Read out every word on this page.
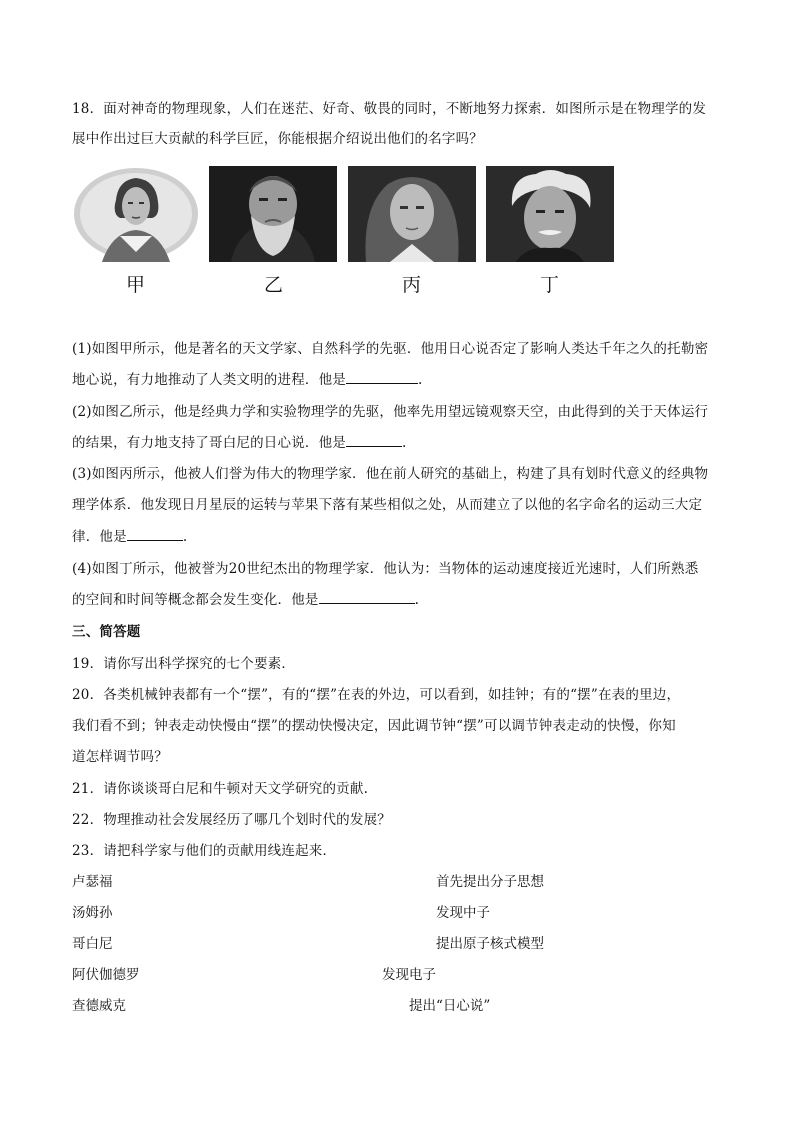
18．面对神奇的物理现象，人们在迷茫、好奇、敬畏的同时，不断地努力探索．如图所示是在物理学的发
展中作出过巨大贡献的科学巨匠，你能根据介绍说出他们的名字吗？
甲	乙	丙	丁
(1)如图甲所示，他是著名的天文学家、自然科学的先驱．他用日心说否定了影响人类达千年之久的托勒密
地心说，有力地推动了人类文明的进程．他是	.
(2)如图乙所示，他是经典力学和实验物理学的先驱，他率先用望远镜观察天空，由此得到的关于天体运行
的结果，有力地支持了哥白尼的日心说．他是	.
(3)如图丙所示，他被人们誉为伟大的物理学家．他在前人研究的基础上，构建了具有划时代意义的经典物
理学体系．他发现日月星辰的运转与苹果下落有某些相似之处，从而建立了以他的名字命名的运动三大定
律．他是	.
(4)如图丁所示，他被誉为20世纪杰出的物理学家．他认为：当物体的运动速度接近光速时，人们所熟悉
的空间和时间等概念都会发生变化．他是	.
三、简答题
19．请你写出科学探究的七个要素．
20．各类机械钟表都有一个“摆”，有的“摆”在表的外边，可以看到，如挂钟；有的“摆”在表的里边，
我们看不到；钟表走动快慢由“摆”的摆动快慢决定，因此调节钟“摆”可以调节钟表走动的快慢，你知
道怎样调节吗？
21．请你谈谈哥白尼和牛顿对天文学研究的贡献.
22．物理推动社会发展经历了哪几个划时代的发展？
23．请把科学家与他们的贡献用线连起来．
卢瑟福
汤姆孙
哥白尼
阿伏伽德罗
查德威克
首先提出分子思想
发现中子
提出原子核式模型
发现电子
提出“日心说”
